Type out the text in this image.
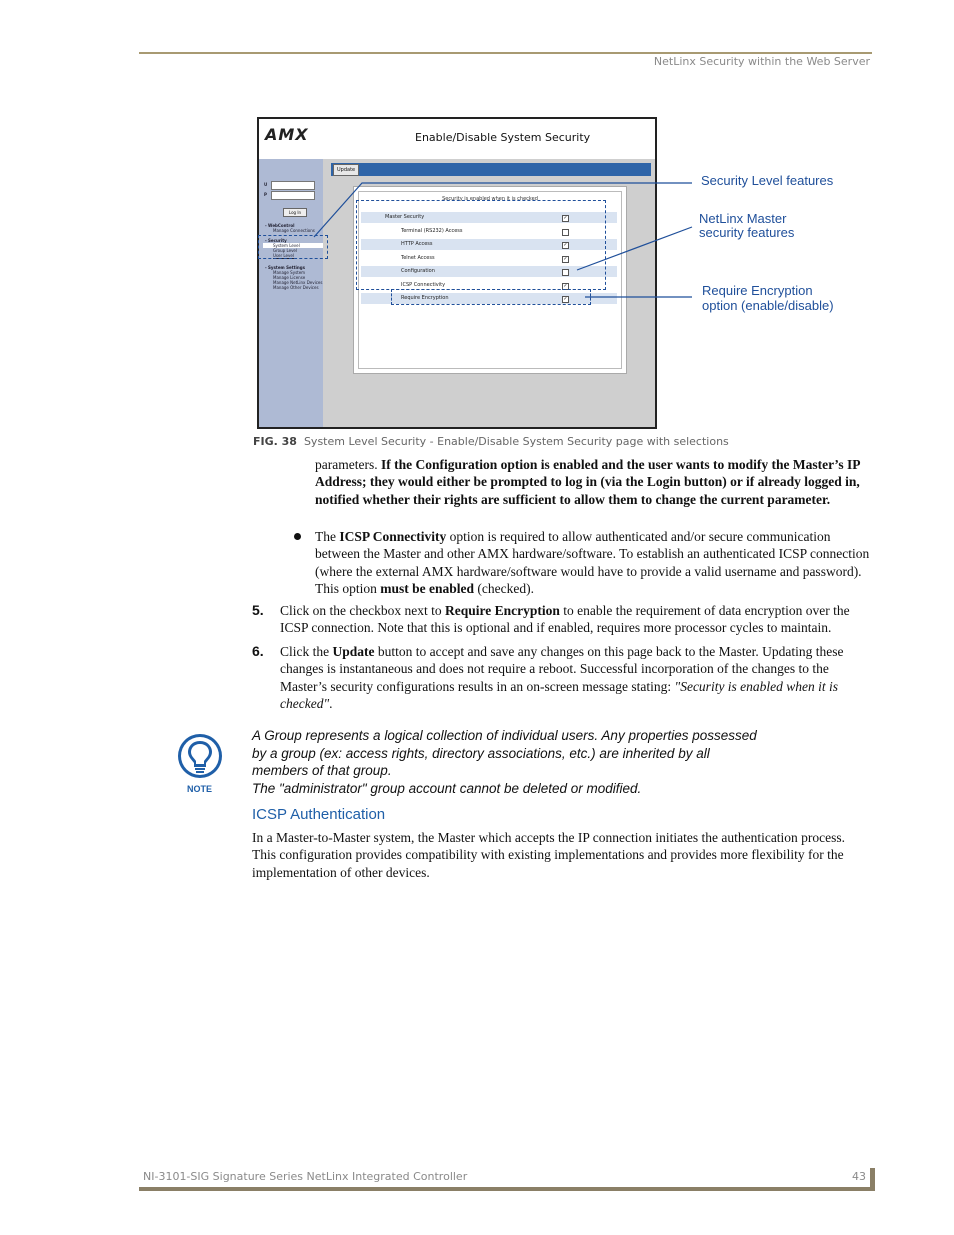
NetLinx Security within the Web Server
AMX	Enable/Disable System Security
U
P
Log In
- WebControl
Manage Connections
- Security
System Level
Group Level
User Level
- System Settings
Manage System
Manage License
Manage NetLinx Devices
Manage Other Devices
Update
Security is enabled when it is checked
Master Security	✓
Terminal (RS232) Access
HTTP Access	✓
Telnet Access	✓
Configuration
ICSP Connectivity	✓
Require Encryption	✓
Security Level features
NetLinx Master
security features
Require Encryption
option (enable/disable)
FIG. 38 System Level Security - Enable/Disable System Security page with selections
parameters. If the Configuration option is enabled and the user wants to modify the Master’s IP Address; they would either be prompted to log in (via the Login button) or if already logged in, notified whether their rights are sufficient to allow them to change the current parameter.
The ICSP Connectivity option is required to allow authenticated and/or secure communication between the Master and other AMX hardware/software. To establish an authenticated ICSP connection (where the external AMX hardware/software would have to provide a valid username and password). This option must be enabled (checked).
5. Click on the checkbox next to Require Encryption to enable the requirement of data encryption over the ICSP connection. Note that this is optional and if enabled, requires more processor cycles to maintain.
6. Click the Update button to accept and save any changes on this page back to the Master. Updating these changes is instantaneous and does not require a reboot. Successful incorporation of the changes to the Master’s security configurations results in an on-screen message stating: "Security is enabled when it is checked".
NOTE
A Group represents a logical collection of individual users. Any properties possessed
by a group (ex: access rights, directory associations, etc.) are inherited by all
members of that group.
The "administrator" group account cannot be deleted or modified.
ICSP Authentication
In a Master-to-Master system, the Master which accepts the IP connection initiates the authentication process. This configuration provides compatibility with existing implementations and provides more flexibility for the implementation of other devices.
NI-3101-SIG Signature Series NetLinx Integrated Controller	43
